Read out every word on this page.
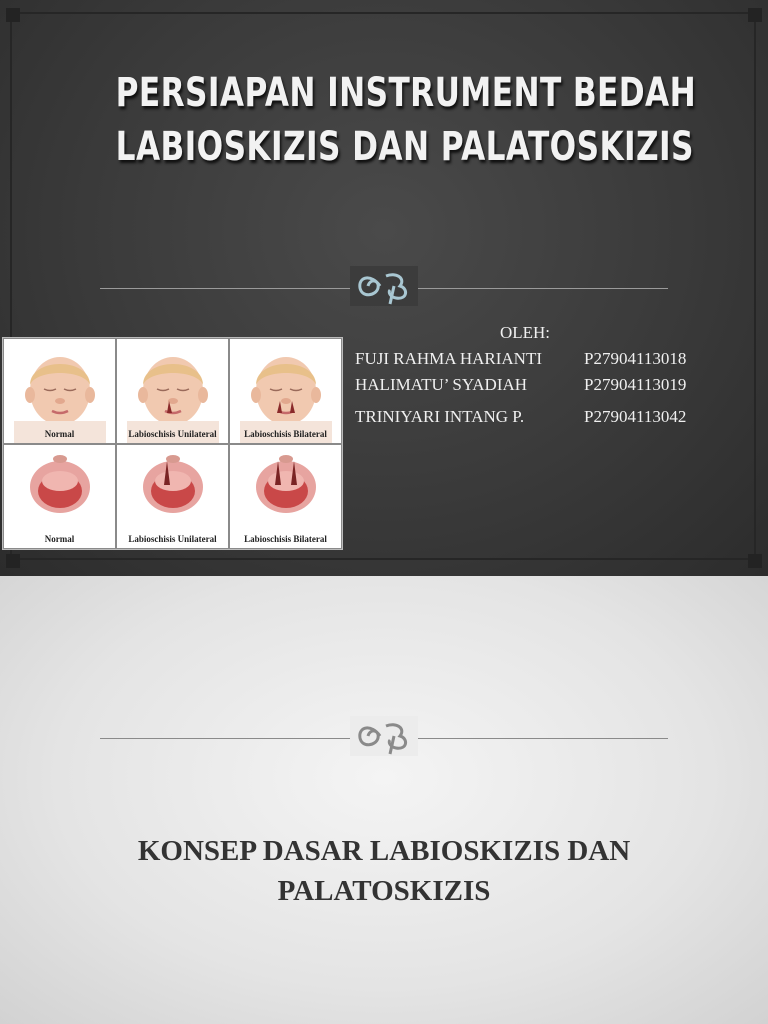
PERSIAPAN INSTRUMENT BEDAH
LABIOSKIZIS DAN PALATOSKIZIS
OLEH:
FUJI RAHMA HARIANTI	P27904113018
HALIMATU’ SYADIAH	P27904113019
TRINIYARI INTANG P.	P27904113042
Normal	Labioschisis Unilateral	Labioschisis Bilateral
Normal	Labioschisis Unilateral	Labioschisis Bilateral
KONSEP DASAR LABIOSKIZIS DAN
PALATOSKIZIS
